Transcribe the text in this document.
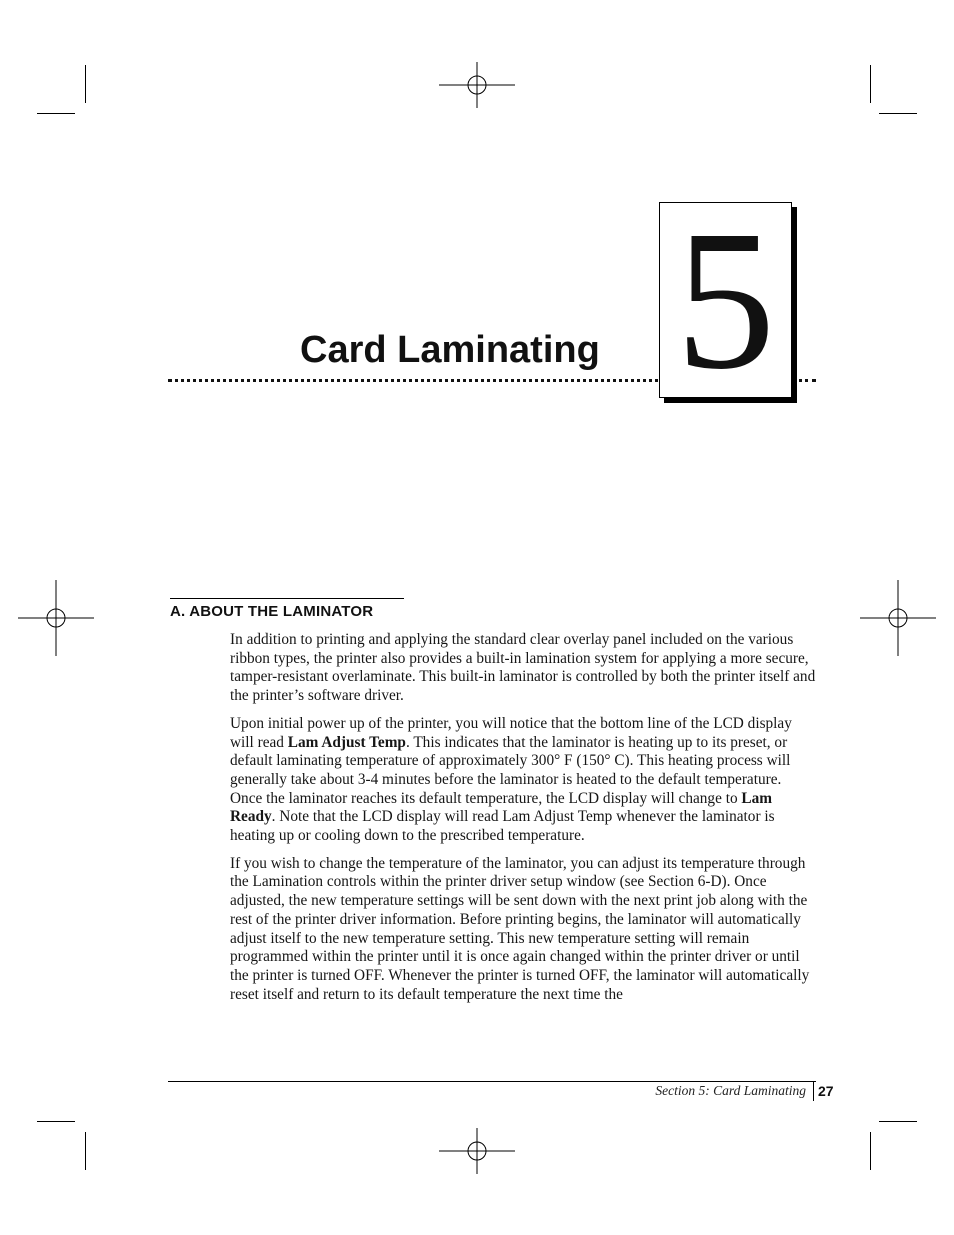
Card Laminating 5
A. ABOUT THE LAMINATOR

In addition to printing and applying the standard clear overlay panel included on the various ribbon types, the printer also provides a built-in lamination system for applying a more secure, tamper-resistant overlaminate. This built-in laminator is controlled by both the printer itself and the printer’s software driver.

Upon initial power up of the printer, you will notice that the bottom line of the LCD display will read Lam Adjust Temp. This indicates that the laminator is heating up to its preset, or default laminating temperature of approximately 300° F (150° C). This heating process will generally take about 3-4 minutes before the laminator is heated to the default temperature. Once the laminator reaches its default temperature, the LCD display will change to Lam Ready. Note that the LCD display will read Lam Adjust Temp whenever the laminator is heating up or cooling down to the prescribed temperature.

If you wish to change the temperature of the laminator, you can adjust its temperature through the Lamination controls within the printer driver setup window (see Section 6-D). Once adjusted, the new temperature settings will be sent down with the next print job along with the rest of the printer driver information. Before printing begins, the laminator will automatically adjust itself to the new temperature setting. This new temperature setting will remain programmed within the printer until it is once again changed within the printer driver or until the printer is turned OFF. Whenever the printer is turned OFF, the laminator will automatically reset itself and return to its default temperature the next time the

Section 5: Card Laminating 27
